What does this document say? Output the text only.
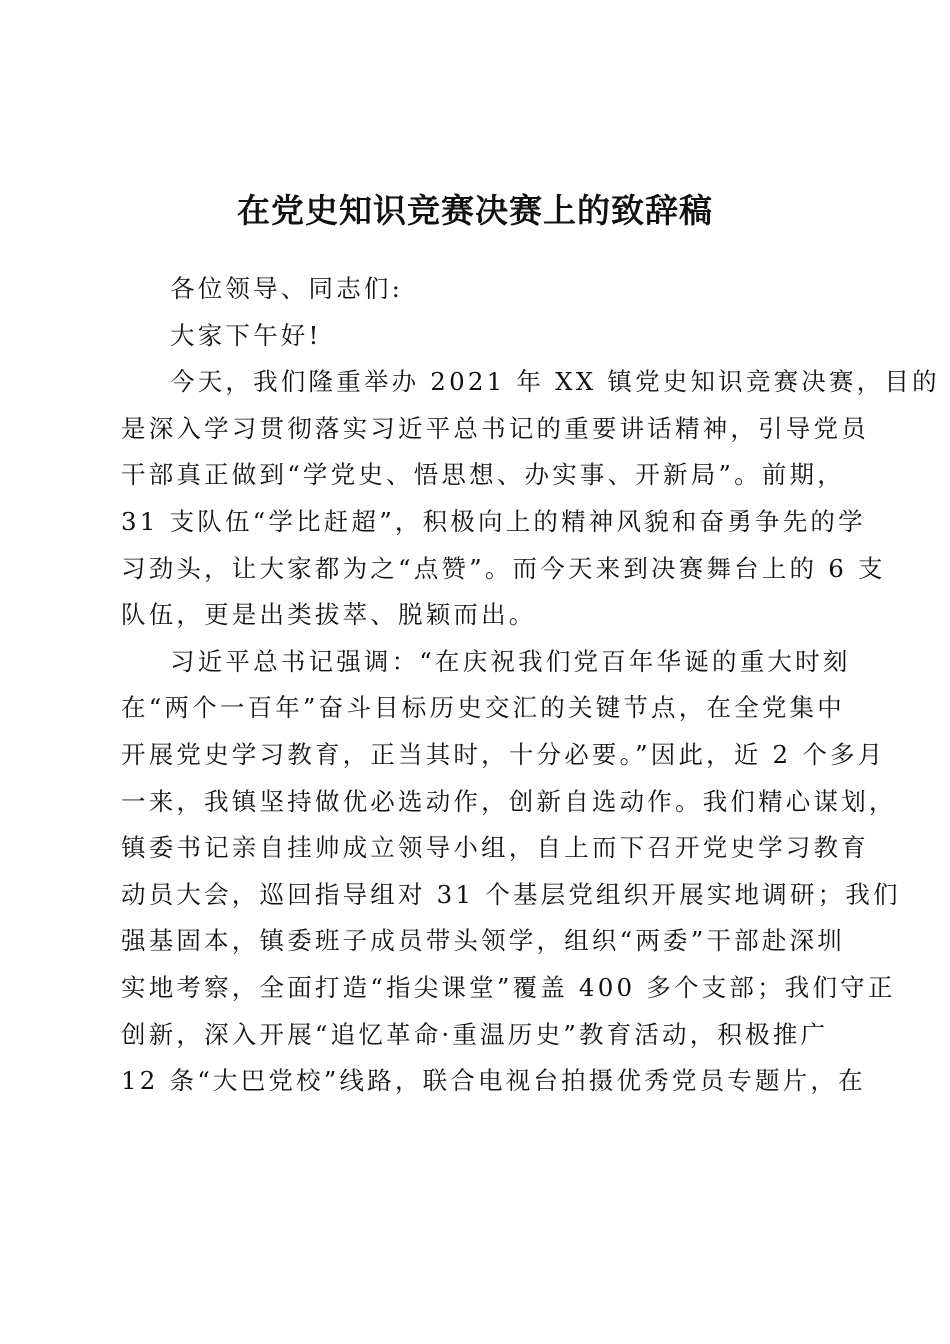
在党史知识竞赛决赛上的致辞稿
各位领导、同志们:
大家下午好!
今天，我们隆重举办 2021 年 XX 镇党史知识竞赛决赛，目的
是深入学习贯彻落实习近平总书记的重要讲话精神，引导党员
干部真正做到“学党史、悟思想、办实事、开新局”。前期，
31 支队伍“学比赶超”，积极向上的精神风貌和奋勇争先的学
习劲头，让大家都为之“点赞”。而今天来到决赛舞台上的 6 支
队伍，更是出类拔萃、脱颖而出。
习近平总书记强调：“在庆祝我们党百年华诞的重大时刻
在“两个一百年”奋斗目标历史交汇的关键节点，在全党集中
开展党史学习教育，正当其时，十分必要。”因此，近 2 个多月
一来，我镇坚持做优必选动作，创新自选动作。我们精心谋划，
镇委书记亲自挂帅成立领导小组，自上而下召开党史学习教育
动员大会，巡回指导组对 31 个基层党组织开展实地调研；我们
强基固本，镇委班子成员带头领学，组织“两委”干部赴深圳
实地考察，全面打造“指尖课堂”覆盖 400 多个支部；我们守正
创新，深入开展“追忆革命·重温历史”教育活动，积极推广
12 条“大巴党校”线路，联合电视台拍摄优秀党员专题片，在
